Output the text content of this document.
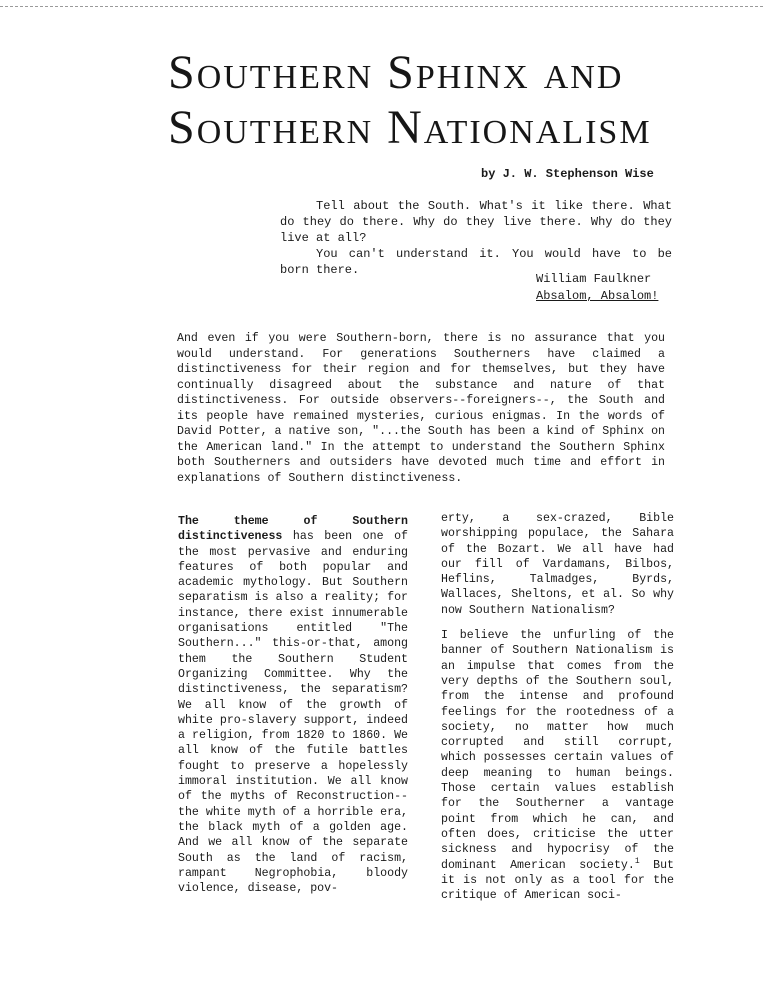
Southern Sphinx and
Southern Nationalism
by J. W. Stephenson Wise

Tell about the South. What's it like there. What do they do there. Why do they live there. Why do they live at all?

You can't understand it. You would have to be born there.

William Faulkner
Absalom, Absalom!

And even if you were Southern-born, there is no assurance that you would understand. For generations Southerners have claimed a distinctiveness for their region and for themselves, but they have continually disagreed about the substance and nature of that distinctiveness. For outside observers--foreigners--, the South and its people have remained mysteries, curious enigmas. In the words of David Potter, a native son, "...the South has been a kind of Sphinx on the American land." In the attempt to understand the Southern Sphinx both Southerners and outsiders have devoted much time and effort in explanations of Southern distinctiveness.

The theme of Southern distinctiveness has been one of the most pervasive and enduring features of both popular and academic mythology. But Southern separatism is also a reality; for instance, there exist innumerable organisations entitled "The Southern..." this-or-that, among them the Southern Student Organizing Committee. Why the distinctiveness, the separatism? We all know of the growth of white pro-slavery support, indeed a religion, from 1820 to 1860. We all know of the futile battles fought to preserve a hopelessly immoral institution. We all know of the myths of Reconstruction--the white myth of a horrible era, the black myth of a golden age. And we all know of the separate South as the land of racism, rampant Negrophobia, bloody violence, disease, pov-

erty, a sex-crazed, Bible worshipping populace, the Sahara of the Bozart. We all have had our fill of Vardamans, Bilbos, Heflins, Talmadges, Byrds, Wallaces, Sheltons, et al. So why now Southern Nationalism?

I believe the unfurling of the banner of Southern Nationalism is an impulse that comes from the very depths of the Southern soul, from the intense and profound feelings for the rootedness of a society, no matter how much corrupted and still corrupt, which possesses certain values of deep meaning to human beings. Those certain values establish for the Southerner a vantage point from which he can, and often does, criticise the utter sickness and hypocrisy of the dominant American society.$^1$ But it is not only as a tool for the critique of American soci-
